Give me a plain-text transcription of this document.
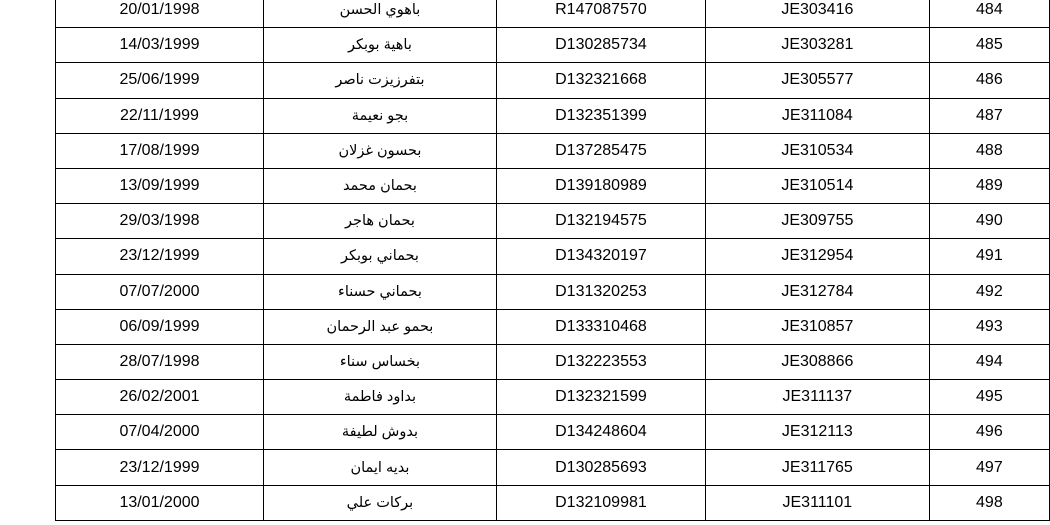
20/01/1998	باهوي الحسن	R147087570	JE303416	484
14/03/1999	باهية بوبكر	D130285734	JE303281	485
25/06/1999	بتفرزيزت ناصر	D132321668	JE305577	486
22/11/1999	بجو نعيمة	D132351399	JE311084	487
17/08/1999	بحسون غزلان	D137285475	JE310534	488
13/09/1999	بحمان محمد	D139180989	JE310514	489
29/03/1998	بحمان هاجر	D132194575	JE309755	490
23/12/1999	بحماني بوبكر	D134320197	JE312954	491
07/07/2000	بحماني حسناء	D131320253	JE312784	492
06/09/1999	بحمو عبد الرحمان	D133310468	JE310857	493
28/07/1998	بخساس سناء	D132223553	JE308866	494
26/02/2001	بداود فاطمة	D132321599	JE311137	495
07/04/2000	بدوش لطيفة	D134248604	JE312113	496
23/12/1999	بديه ايمان	D130285693	JE311765	497
13/01/2000	بركات علي	D132109981	JE311101	498
